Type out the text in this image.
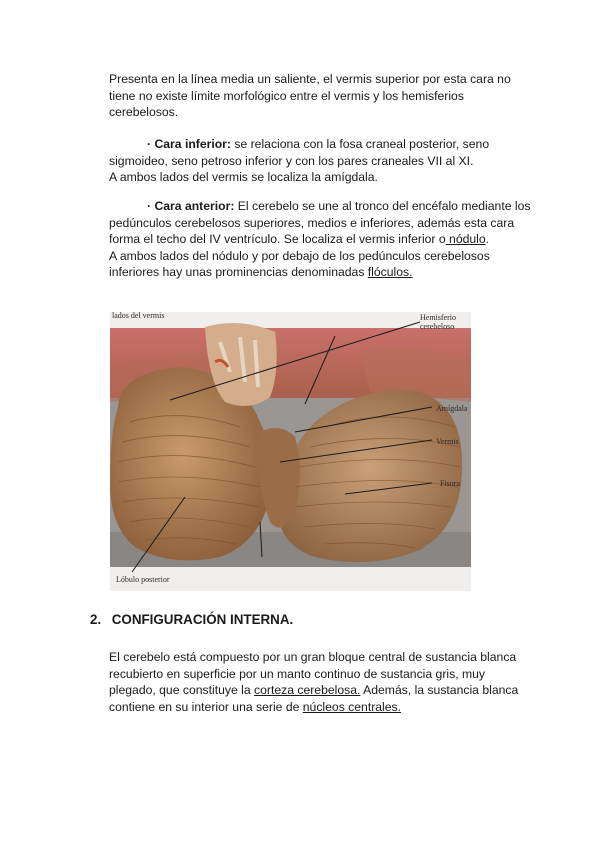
Presenta en la línea media un saliente, el vermis superior por esta cara no

tiene no existe límite morfológico entre el vermis y los hemisferios

cerebelosos.

· Cara inferior: se relaciona con la fosa craneal posterior, seno

sigmoideo, seno petroso inferior y con los pares craneales VII al XI.

A ambos lados del vermis se localiza la amígdala.

· Cara anterior: El cerebelo se une al tronco del encéfalo mediante los

pedúnculos cerebelosos superiores, medios e inferiores, además esta cara

forma el techo del IV ventrículo. Se localiza el vermis inferior o nódulo.

A ambos lados del nódulo y por debajo de los pedúnculos cerebelosos

inferiores hay unas prominencias denominadas flóculos.

lados del vermis	Hemisferio
cerebeloso
Amígdala
Vermis
Fisura
Lóbulo posterior
2. CONFIGURACIÓN INTERNA.

El cerebelo está compuesto por un gran bloque central de sustancia blanca

recubierto en superficie por un manto continuo de sustancia gris, muy

plegado, que constituye la corteza cerebelosa. Además, la sustancia blanca

contiene en su interior una serie de núcleos centrales.
